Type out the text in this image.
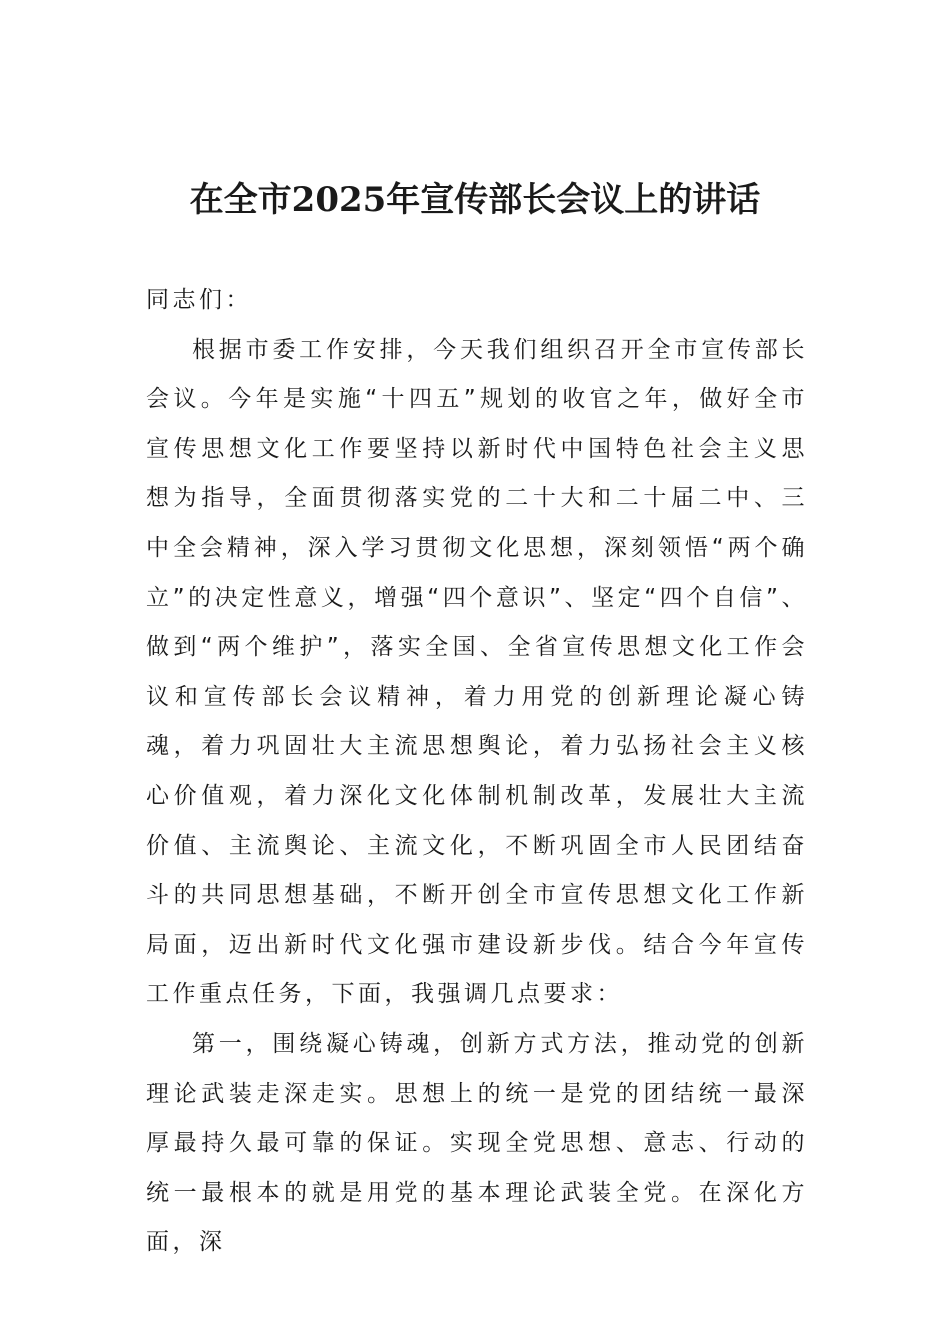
在全市2025年宣传部长会议上的讲话

同志们：

根据市委工作安排，今天我们组织召开全市宣传部长会议。今年是实施“十四五”规划的收官之年，做好全市宣传思想文化工作要坚持以新时代中国特色社会主义思想为指导，全面贯彻落实党的二十大和二十届二中、三中全会精神，深入学习贯彻文化思想，深刻领悟“两个确立”的决定性意义，增强“四个意识”、坚定“四个自信”、做到“两个维护”，落实全国、全省宣传思想文化工作会议和宣传部长会议精神，着力用党的创新理论凝心铸魂，着力巩固壮大主流思想舆论，着力弘扬社会主义核心价值观，着力深化文化体制机制改革，发展壮大主流价值、主流舆论、主流文化，不断巩固全市人民团结奋斗的共同思想基础，不断开创全市宣传思想文化工作新局面，迈出新时代文化强市建设新步伐。结合今年宣传工作重点任务，下面，我强调几点要求：

第一，围绕凝心铸魂，创新方式方法，推动党的创新理论武装走深走实。思想上的统一是党的团结统一最深厚最持久最可靠的保证。实现全党思想、意志、行动的统一最根本的就是用党的基本理论武装全党。在深化方面，深
